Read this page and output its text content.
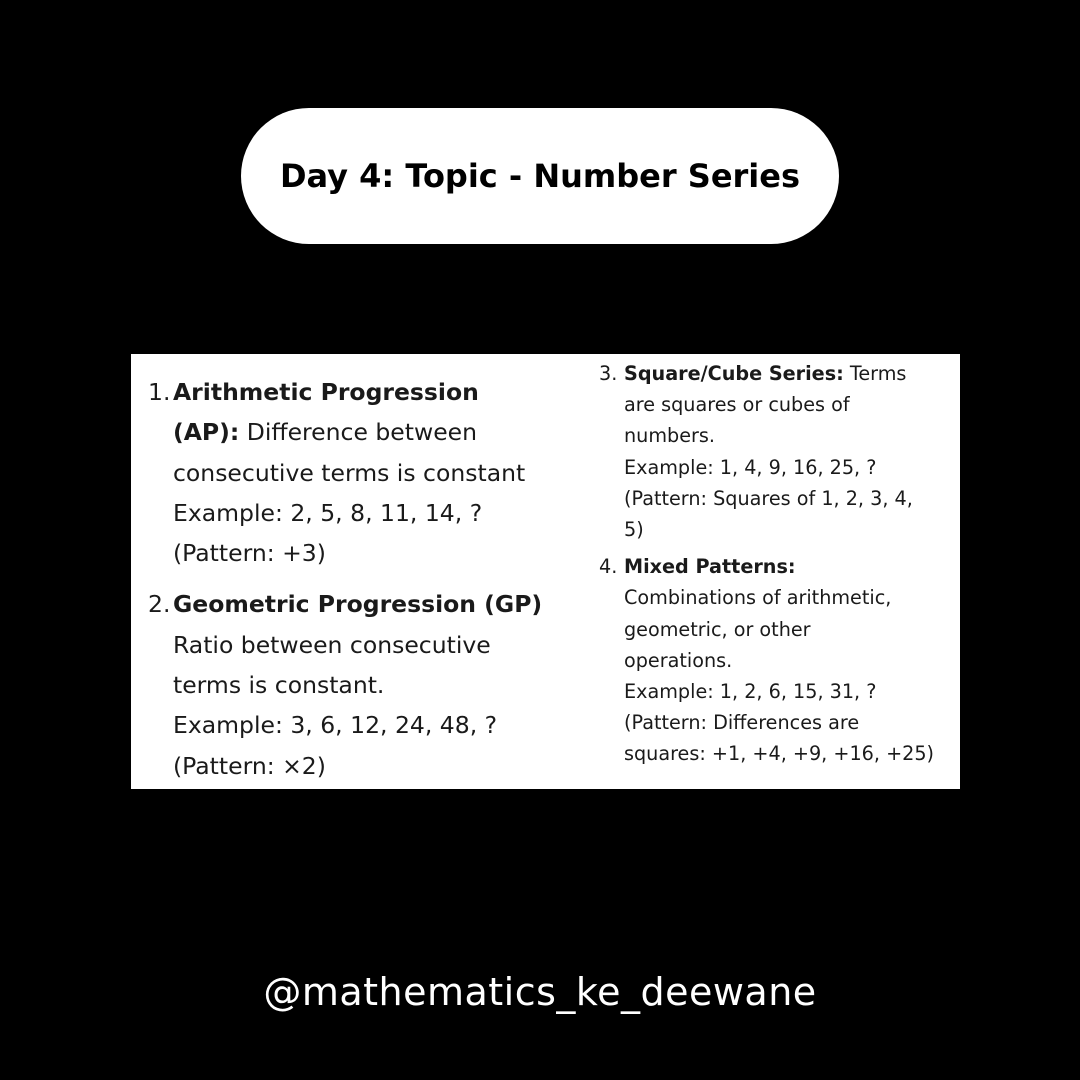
Day 4: Topic - Number Series
1. Arithmetic Progression
(AP): Difference between
consecutive terms is constant
Example: 2, 5, 8, 11, 14, ?
(Pattern: +3)
2. Geometric Progression (GP)
Ratio between consecutive
terms is constant.
Example: 3, 6, 12, 24, 48, ?
(Pattern: ×2)
3. Square/Cube Series: Terms
are squares or cubes of
numbers.
Example: 1, 4, 9, 16, 25, ?
(Pattern: Squares of 1, 2, 3, 4,
5)
4. Mixed Patterns:
Combinations of arithmetic,
geometric, or other
operations.
Example: 1, 2, 6, 15, 31, ?
(Pattern: Differences are
squares: +1, +4, +9, +16, +25)
@mathematics_ke_deewane
